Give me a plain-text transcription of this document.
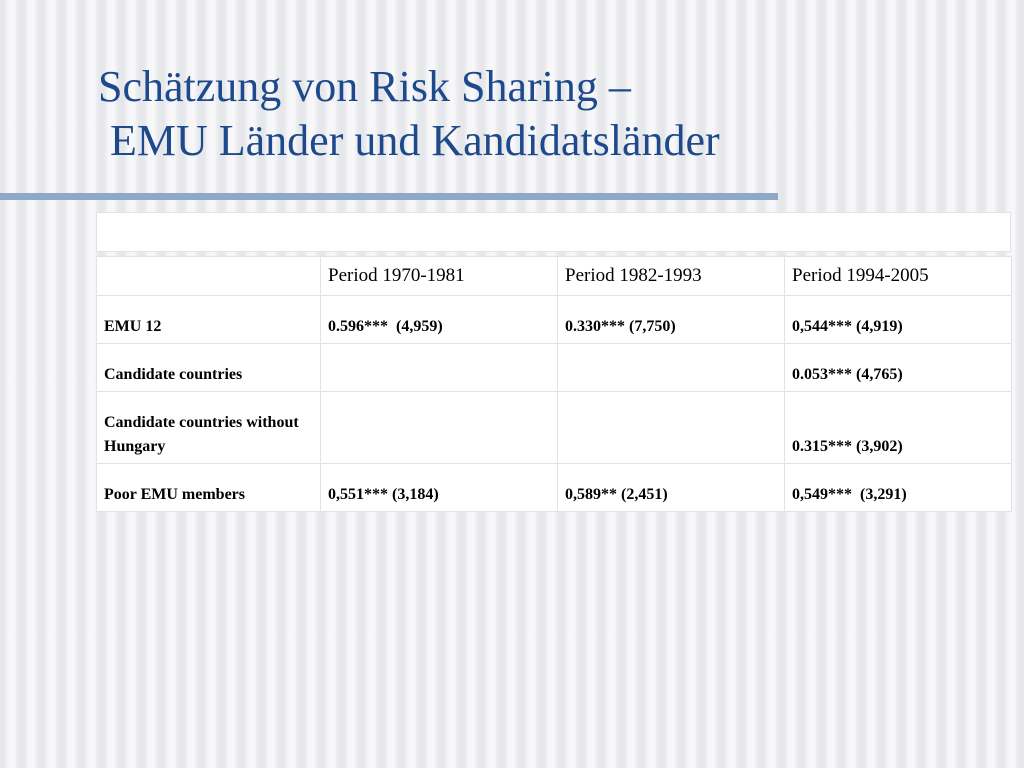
Schätzung von Risk Sharing –
EMU Länder und Kandidatsländer
	Period 1970-1981	Period 1982-1993	Period 1994-2005
EMU 12	0.596***  (4,959)	0.330*** (7,750)	0,544*** (4,919)
Candidate countries			0.053*** (4,765)
Candidate countries without Hungary			0.315*** (3,902)
Poor EMU members	0,551*** (3,184)	0,589** (2,451)	0,549***  (3,291)
